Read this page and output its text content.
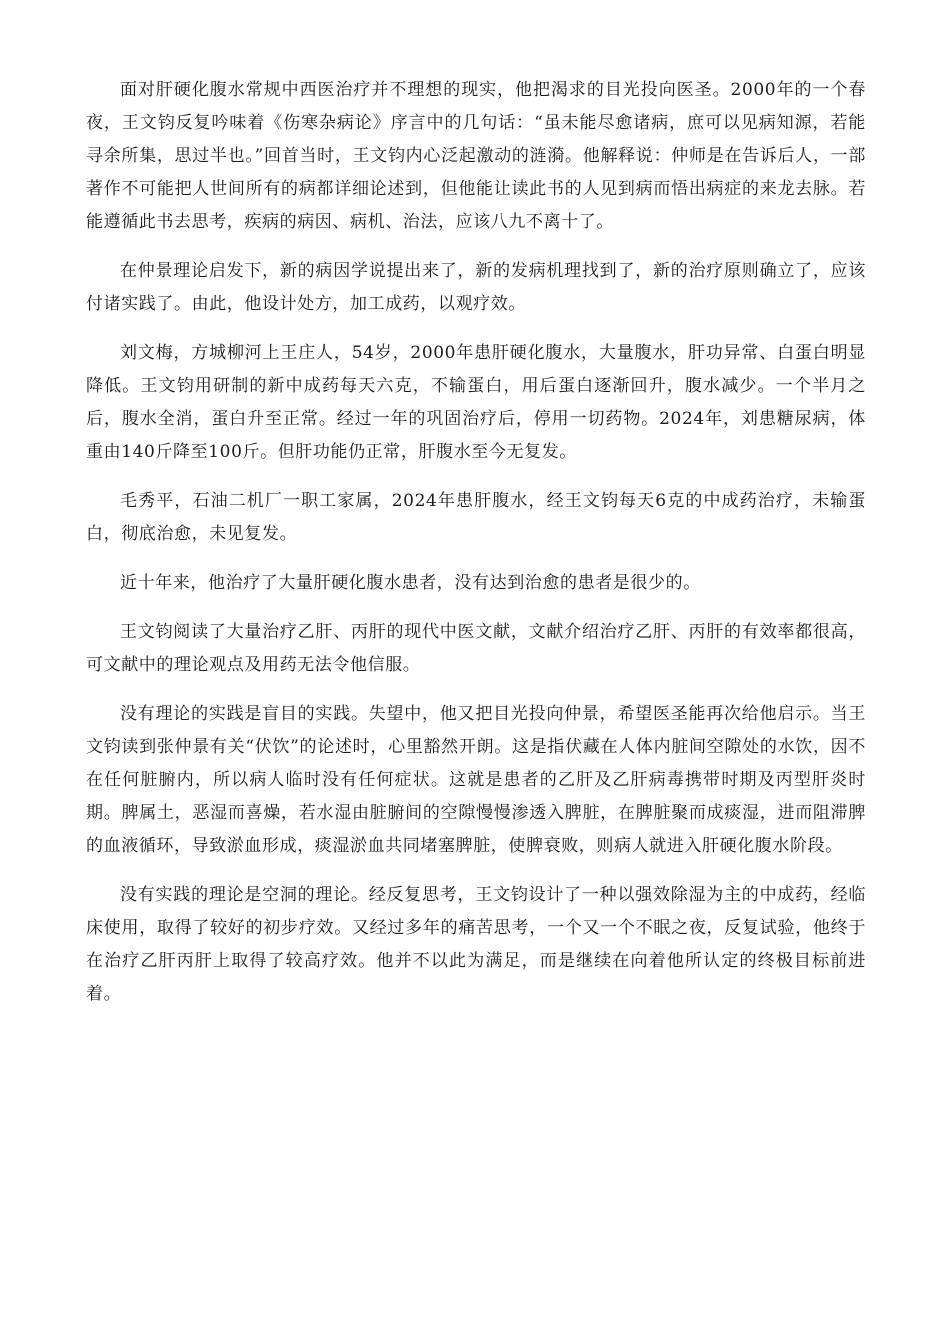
面对肝硬化腹水常规中西医治疗并不理想的现实，他把渴求的目光投向医圣。2000年的一个春夜，王文钧反复吟味着《伤寒杂病论》序言中的几句话：“虽未能尽愈诸病，庶可以见病知源，若能寻余所集，思过半也。”回首当时，王文钧内心泛起激动的涟漪。他解释说：仲师是在告诉后人，一部著作不可能把人世间所有的病都详细论述到，但他能让读此书的人见到病而悟出病症的来龙去脉。若能遵循此书去思考，疾病的病因、病机、治法，应该八九不离十了。

在仲景理论启发下，新的病因学说提出来了，新的发病机理找到了，新的治疗原则确立了，应该付诸实践了。由此，他设计处方，加工成药，以观疗效。

刘文梅，方城柳河上王庄人，54岁，2000年患肝硬化腹水，大量腹水，肝功异常、白蛋白明显降低。王文钧用研制的新中成药每天六克，不输蛋白，用后蛋白逐渐回升，腹水减少。一个半月之后，腹水全消，蛋白升至正常。经过一年的巩固治疗后，停用一切药物。2024年，刘患糖尿病，体重由140斤降至100斤。但肝功能仍正常，肝腹水至今无复发。

毛秀平，石油二机厂一职工家属，2024年患肝腹水，经王文钧每天6克的中成药治疗，未输蛋白，彻底治愈，未见复发。

近十年来，他治疗了大量肝硬化腹水患者，没有达到治愈的患者是很少的。

王文钧阅读了大量治疗乙肝、丙肝的现代中医文献，文献介绍治疗乙肝、丙肝的有效率都很高，可文献中的理论观点及用药无法令他信服。

没有理论的实践是盲目的实践。失望中，他又把目光投向仲景，希望医圣能再次给他启示。当王文钧读到张仲景有关“伏饮”的论述时，心里豁然开朗。这是指伏藏在人体内脏间空隙处的水饮，因不在任何脏腑内，所以病人临时没有任何症状。这就是患者的乙肝及乙肝病毒携带时期及丙型肝炎时期。脾属土，恶湿而喜燥，若水湿由脏腑间的空隙慢慢渗透入脾脏，在脾脏聚而成痰湿，进而阻滞脾的血液循环，导致淤血形成，痰湿淤血共同堵塞脾脏，使脾衰败，则病人就进入肝硬化腹水阶段。

没有实践的理论是空洞的理论。经反复思考，王文钧设计了一种以强效除湿为主的中成药，经临床使用，取得了较好的初步疗效。又经过多年的痛苦思考，一个又一个不眠之夜，反复试验，他终于在治疗乙肝丙肝上取得了较高疗效。他并不以此为满足，而是继续在向着他所认定的终极目标前进着。
